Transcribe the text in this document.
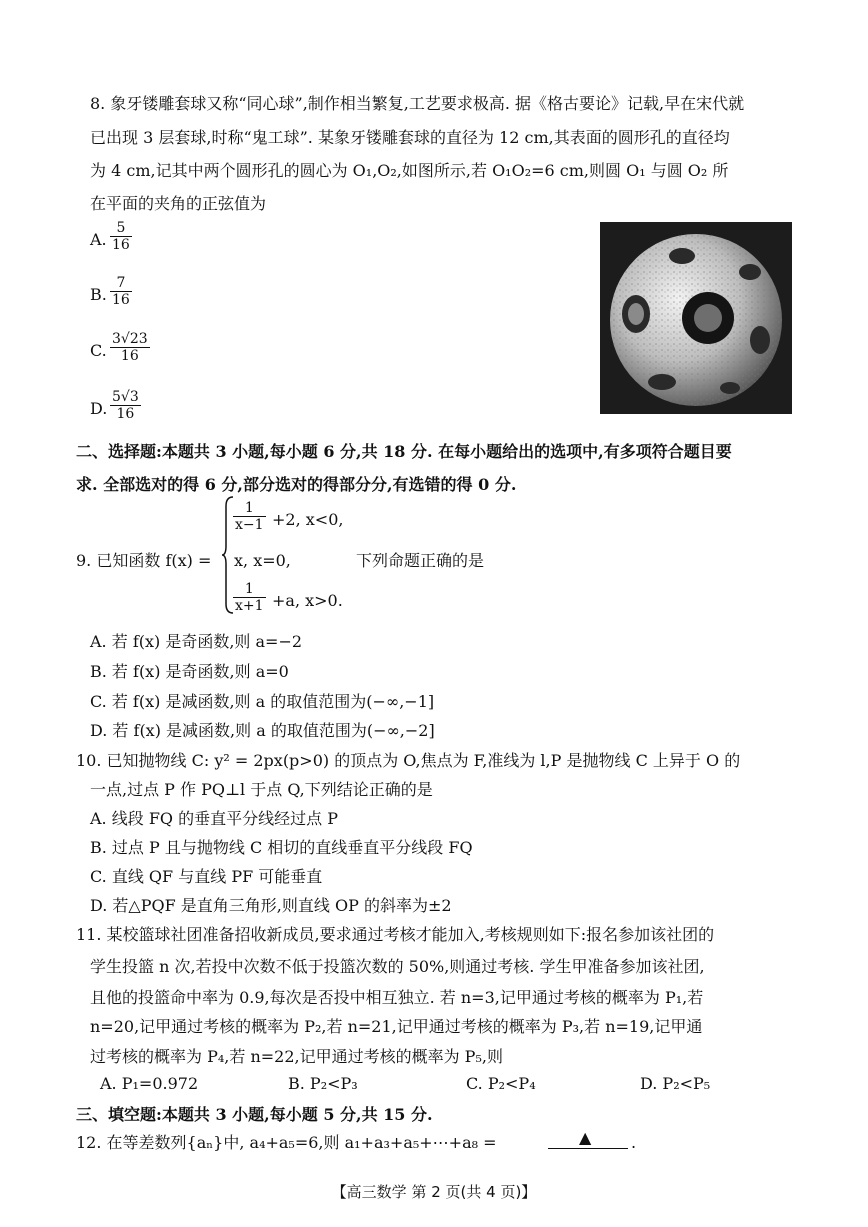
8. 象牙镂雕套球又称“同心球”,制作相当繁复,工艺要求极高. 据《格古要论》记载,早在宋代就
已出现 3 层套球,时称“鬼工球”. 某象牙镂雕套球的直径为 12 cm,其表面的圆形孔的直径均
为 4 cm,记其中两个圆形孔的圆心为 O₁,O₂,如图所示,若 O₁O₂=6 cm,则圆 O₁ 与圆 O₂ 所
在平面的夹角的正弦值为
A. $\frac{5}{16}$
B. $\frac{7}{16}$
C. $\frac{3√23}{16}$
D. $\frac{5√3}{16}$
二、选择题:本题共 3 小题,每小题 6 分,共 18 分. 在每小题给出的选项中,有多项符合题目要
求. 全部选对的得 6 分,部分选对的得部分分,有选错的得 0 分.
9. 已知函数 f(x) =
$\frac{1}{x-1} +2$, x<0,
x, x=0,
$\frac{1}{x+1} +a$, x>0.
下列命题正确的是
A. 若 f(x) 是奇函数,则 a=−2
B. 若 f(x) 是奇函数,则 a=0
C. 若 f(x) 是减函数,则 a 的取值范围为(−∞,−1]
D. 若 f(x) 是减函数,则 a 的取值范围为(−∞,−2]
10. 已知抛物线 C: y² = 2px(p>0) 的顶点为 O,焦点为 F,准线为 l,P 是抛物线 C 上异于 O 的
一点,过点 P 作 PQ⊥l 于点 Q,下列结论正确的是
A. 线段 FQ 的垂直平分线经过点 P
B. 过点 P 且与抛物线 C 相切的直线垂直平分线段 FQ
C. 直线 QF 与直线 PF 可能垂直
D. 若△PQF 是直角三角形,则直线 OP 的斜率为±2
11. 某校篮球社团准备招收新成员,要求通过考核才能加入,考核规则如下:报名参加该社团的
学生投篮 n 次,若投中次数不低于投篮次数的 50%,则通过考核. 学生甲准备参加该社团,
且他的投篮命中率为 0.9,每次是否投中相互独立. 若 n=3,记甲通过考核的概率为 P₁,若
n=20,记甲通过考核的概率为 P₂,若 n=21,记甲通过考核的概率为 P₃,若 n=19,记甲通
过考核的概率为 P₄,若 n=22,记甲通过考核的概率为 P₅,则
A. P₁=0.972	B. P₂<P₃	C. P₂<P₄	D. P₂<P₅
三、填空题:本题共 3 小题,每小题 5 分,共 15 分.
12. 在等差数列{aₙ}中, a₄+a₅=6,则 a₁+a₃+a₅+⋯+a₈ =	▲ .
【高三数学 第 2 页(共 4 页)】
